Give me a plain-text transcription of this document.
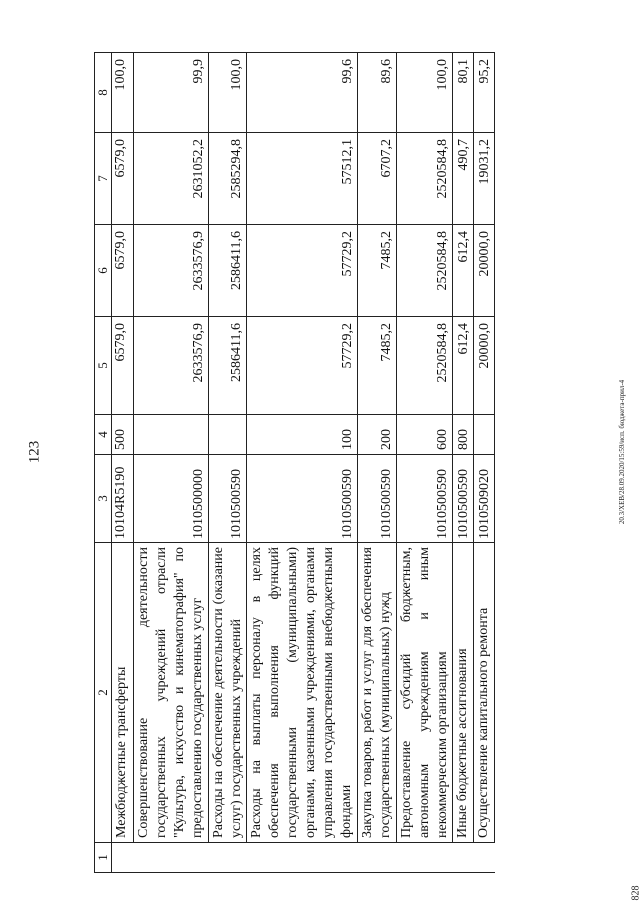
123	20.3/ХЕВ/28.09.2020/15:59/исп. бюджета-прил-4
828
1	2	3	4	5	6	7	8
	Межбюджетные трансферты	10104R5190	500	6579,0	6579,0	6579,0	100,0
	Совершенствование деятельности государственных учреждений отрасли "Культура, искусство и кинематография" по предоставлению государственных услуг	1010500000		2633576,9	2633576,9	2631052,2	99,9
	Расходы на обеспечение деятельности (оказание услуг) государственных учреждений	1010500590		2586411,6	2586411,6	2585294,8	100,0
	Расходы на выплаты персоналу в целях обеспечения выполнения функций государственными (муниципальными) органами, казенными учреждениями, органами управления государственными внебюджетными фондами	1010500590	100	57729,2	57729,2	57512,1	99,6
	Закупка товаров, работ и услуг для обеспечения государственных (муниципальных) нужд	1010500590	200	7485,2	7485,2	6707,2	89,6
	Предоставление субсидий бюджетным, автономным учреждениям и иным некоммерческим организациям	1010500590	600	2520584,8	2520584,8	2520584,8	100,0
	Иные бюджетные ассигнования	1010500590	800	612,4	612,4	490,7	80,1
	Осуществление капитального ремонта	1010509020		20000,0	20000,0	19031,2	95,2
